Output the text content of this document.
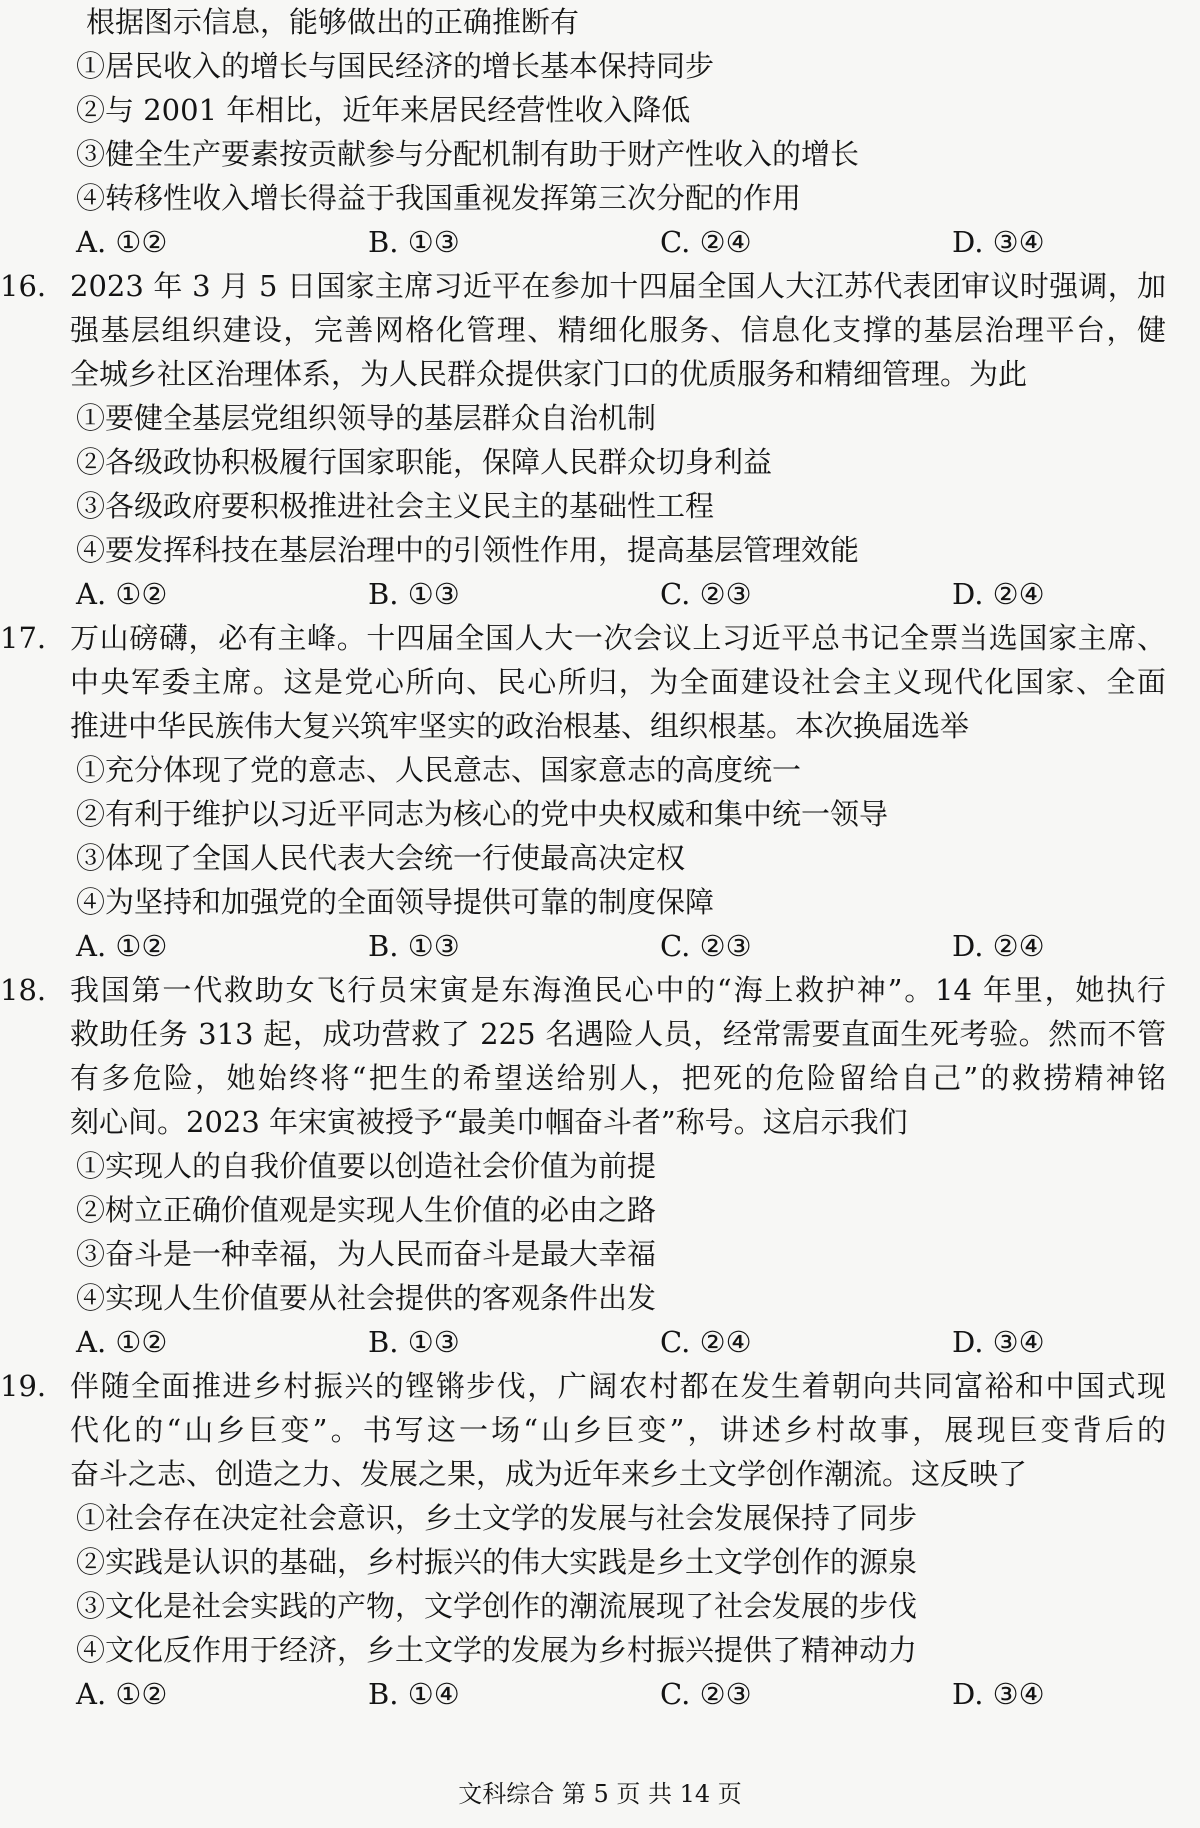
根据图示信息，能够做出的正确推断有
①居民收入的增长与国民经济的增长基本保持同步
②与 2001 年相比，近年来居民经营性收入降低
③健全生产要素按贡献参与分配机制有助于财产性收入的增长
④转移性收入增长得益于我国重视发挥第三次分配的作用
A. ①②	B. ①③	C. ②④	D. ③④
16. 2023 年 3 月 5 日国家主席习近平在参加十四届全国人大江苏代表团审议时强调，加
强基层组织建设，完善网格化管理、精细化服务、信息化支撑的基层治理平台，健
全城乡社区治理体系，为人民群众提供家门口的优质服务和精细管理。为此
①要健全基层党组织领导的基层群众自治机制
②各级政协积极履行国家职能，保障人民群众切身利益
③各级政府要积极推进社会主义民主的基础性工程
④要发挥科技在基层治理中的引领性作用，提高基层管理效能
A. ①②	B. ①③	C. ②③	D. ②④
17. 万山磅礴，必有主峰。十四届全国人大一次会议上习近平总书记全票当选国家主席、
中央军委主席。这是党心所向、民心所归，为全面建设社会主义现代化国家、全面
推进中华民族伟大复兴筑牢坚实的政治根基、组织根基。本次换届选举
①充分体现了党的意志、人民意志、国家意志的高度统一
②有利于维护以习近平同志为核心的党中央权威和集中统一领导
③体现了全国人民代表大会统一行使最高决定权
④为坚持和加强党的全面领导提供可靠的制度保障
A. ①②	B. ①③	C. ②③	D. ②④
18. 我国第一代救助女飞行员宋寅是东海渔民心中的“海上救护神”。14 年里，她执行
救助任务 313 起，成功营救了 225 名遇险人员，经常需要直面生死考验。然而不管
有多危险，她始终将“把生的希望送给别人，把死的危险留给自己”的救捞精神铭
刻心间。2023 年宋寅被授予“最美巾帼奋斗者”称号。这启示我们
①实现人的自我价值要以创造社会价值为前提
②树立正确价值观是实现人生价值的必由之路
③奋斗是一种幸福，为人民而奋斗是最大幸福
④实现人生价值要从社会提供的客观条件出发
A. ①②	B. ①③	C. ②④	D. ③④
19. 伴随全面推进乡村振兴的铿锵步伐，广阔农村都在发生着朝向共同富裕和中国式现
代化的“山乡巨变”。书写这一场“山乡巨变”，讲述乡村故事，展现巨变背后的
奋斗之志、创造之力、发展之果，成为近年来乡土文学创作潮流。这反映了
①社会存在决定社会意识，乡土文学的发展与社会发展保持了同步
②实践是认识的基础，乡村振兴的伟大实践是乡土文学创作的源泉
③文化是社会实践的产物，文学创作的潮流展现了社会发展的步伐
④文化反作用于经济，乡土文学的发展为乡村振兴提供了精神动力
A. ①②	B. ①④	C. ②③	D. ③④
文科综合 第 5 页 共 14 页
